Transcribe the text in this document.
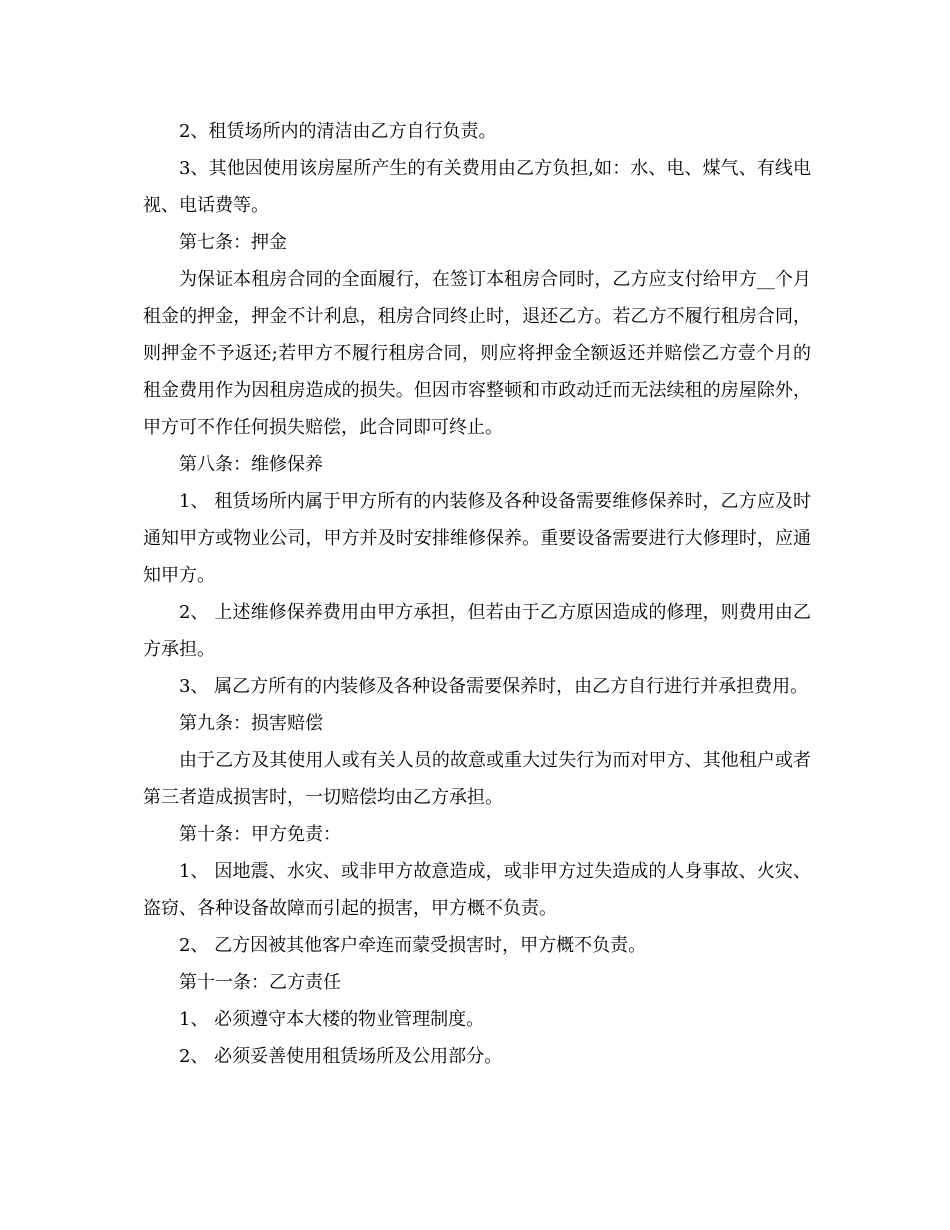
2、租赁场所内的清洁由乙方自行负责。

3、其他因使用该房屋所产生的有关费用由乙方负担,如：水、电、煤气、有线电视、电话费等。

第七条：押金

为保证本租房合同的全面履行，在签订本租房合同时，乙方应支付给甲方__个月租金的押金，押金不计利息，租房合同终止时，退还乙方。若乙方不履行租房合同，则押金不予返还;若甲方不履行租房合同，则应将押金全额返还并赔偿乙方壹个月的租金费用作为因租房造成的损失。但因市容整顿和市政动迁而无法续租的房屋除外，甲方可不作任何损失赔偿，此合同即可终止。

第八条：维修保养

1、 租赁场所内属于甲方所有的内装修及各种设备需要维修保养时，乙方应及时通知甲方或物业公司，甲方并及时安排维修保养。重要设备需要进行大修理时，应通知甲方。

2、 上述维修保养费用由甲方承担，但若由于乙方原因造成的修理，则费用由乙方承担。

3、 属乙方所有的内装修及各种设备需要保养时，由乙方自行进行并承担费用。

第九条：损害赔偿

由于乙方及其使用人或有关人员的故意或重大过失行为而对甲方、其他租户或者第三者造成损害时，一切赔偿均由乙方承担。

第十条：甲方免责：

1、 因地震、水灾、或非甲方故意造成，或非甲方过失造成的人身事故、火灾、盗窃、各种设备故障而引起的损害，甲方概不负责。

2、 乙方因被其他客户牵连而蒙受损害时，甲方概不负责。

第十一条：乙方责任

1、 必须遵守本大楼的物业管理制度。

2、 必须妥善使用租赁场所及公用部分。
